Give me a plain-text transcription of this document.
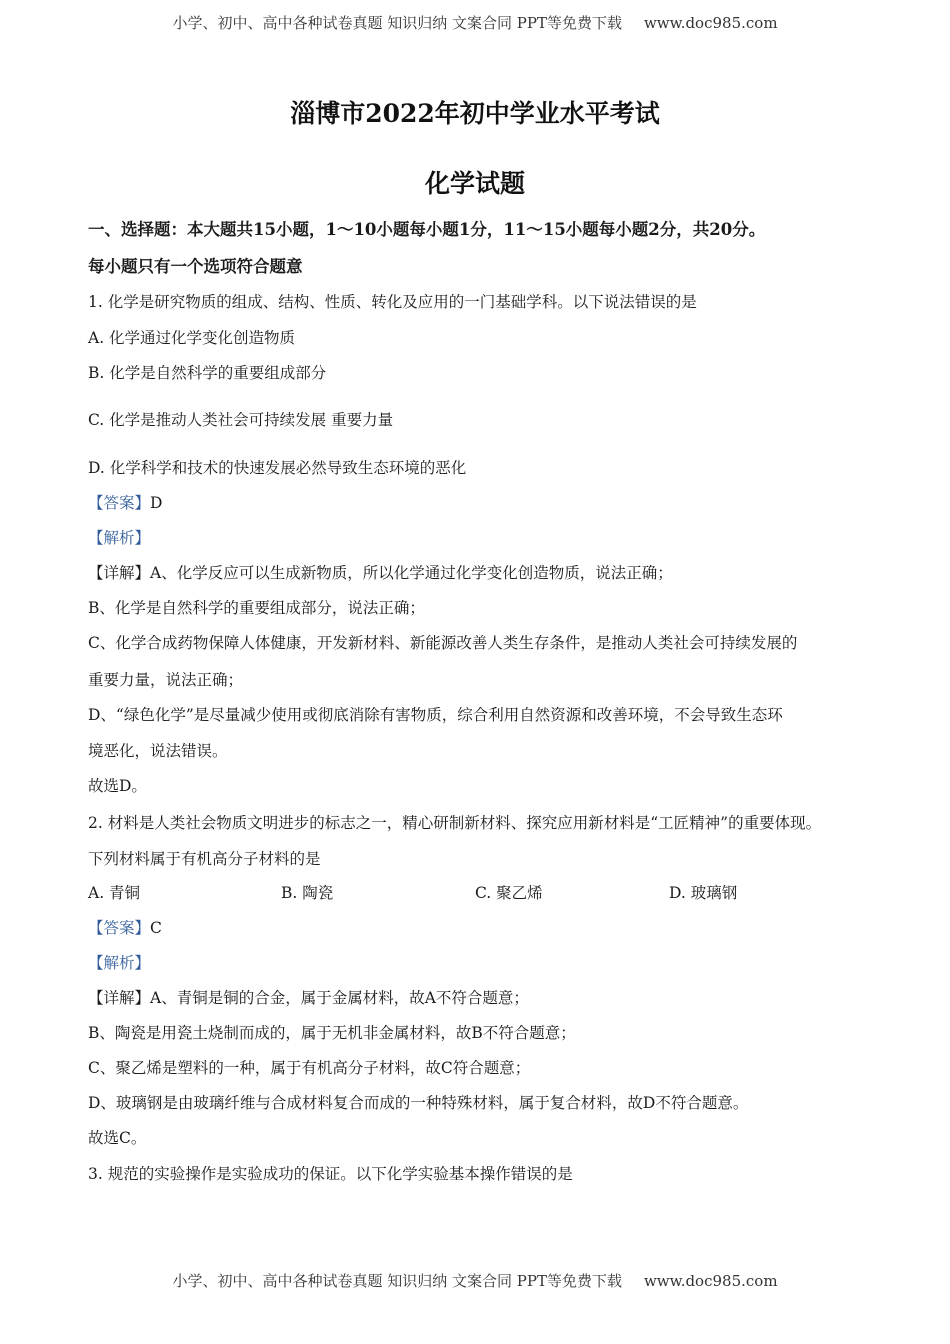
小学、初中、高中各种试卷真题 知识归纳 文案合同 PPT等免费下载 www.doc985.com
淄博市2022年初中学业水平考试
化学试题
一、选择题：本大题共15小题，1～10小题每小题1分，11～15小题每小题2分，共20分。
每小题只有一个选项符合题意
1. 化学是研究物质的组成、结构、性质、转化及应用的一门基础学科。以下说法错误的是
A. 化学通过化学变化创造物质
B. 化学是自然科学的重要组成部分
C. 化学是推动人类社会可持续发展 重要力量
D. 化学科学和技术的快速发展必然导致生态环境的恶化
【答案】D
【解析】
【详解】A、化学反应可以生成新物质，所以化学通过化学变化创造物质，说法正确；
B、化学是自然科学的重要组成部分，说法正确；
C、化学合成药物保障人体健康，开发新材料、新能源改善人类生存条件，是推动人类社会可持续发展的
重要力量，说法正确；
D、“绿色化学”是尽量减少使用或彻底消除有害物质，综合利用自然资源和改善环境，不会导致生态环
境恶化，说法错误。
故选D。
2. 材料是人类社会物质文明进步的标志之一，精心研制新材料、探究应用新材料是“工匠精神”的重要体现。
下列材料属于有机高分子材料的是
A. 青铜	B. 陶瓷	C. 聚乙烯	D. 玻璃钢
【答案】C
【解析】
【详解】A、青铜是铜的合金，属于金属材料，故A不符合题意；
B、陶瓷是用瓷土烧制而成的，属于无机非金属材料，故B不符合题意；
C、聚乙烯是塑料的一种，属于有机高分子材料，故C符合题意；
D、玻璃钢是由玻璃纤维与合成材料复合而成的一种特殊材料，属于复合材料，故D不符合题意。
故选C。
3. 规范的实验操作是实验成功的保证。以下化学实验基本操作错误的是
小学、初中、高中各种试卷真题 知识归纳 文案合同 PPT等免费下载 www.doc985.com
